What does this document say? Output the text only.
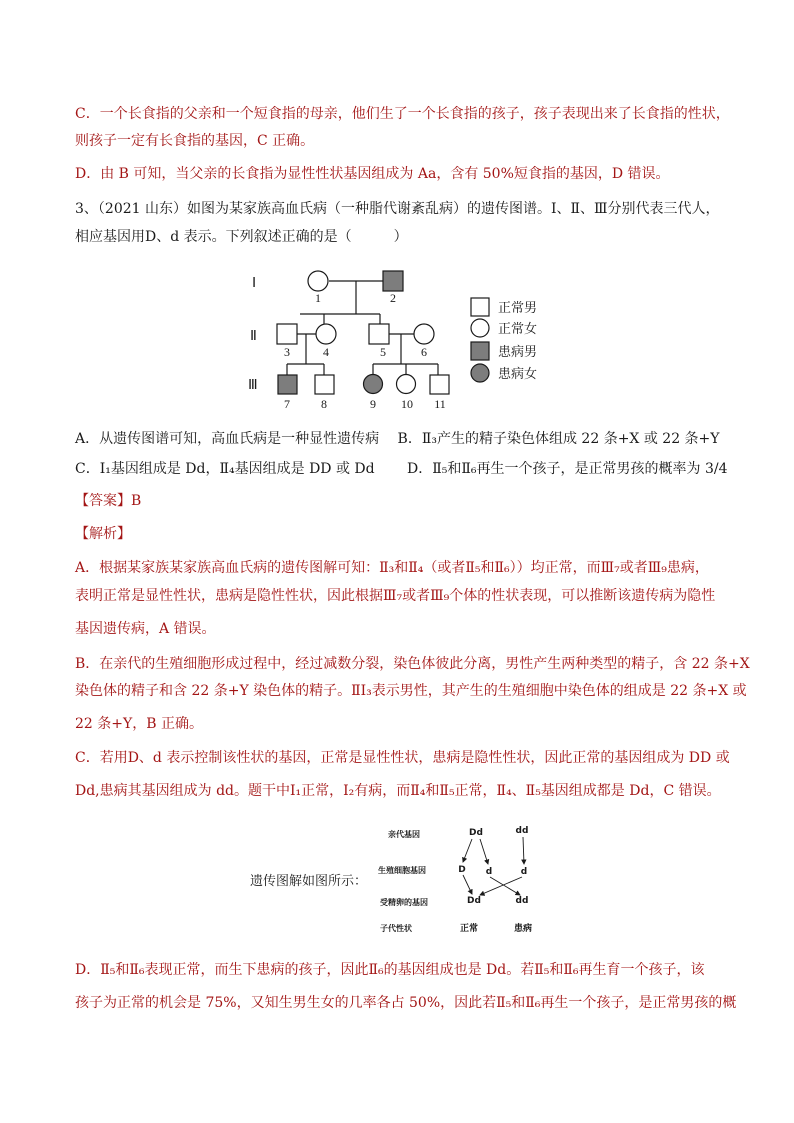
C．一个长食指的父亲和一个短食指的母亲，他们生了一个长食指的孩子，孩子表现出来了长食指的性状，
则孩子一定有长食指的基因，C 正确。
D．由 B 可知，当父亲的长食指为显性性状基因组成为 Aa，含有 50%短食指的基因，D 错误。
3、（2021 山东）如图为某家族高血氏病（一种脂代谢紊乱病）的遗传图谱。Ⅰ、Ⅱ、Ⅲ分别代表三代人，
相应基因用D、d 表示。下列叙述正确的是（　　　）
A．从遗传图谱可知，高血氏病是一种显性遗传病　 B．Ⅱ₃产生的精子染色体组成 22 条+X 或 22 条+Y
C．Ⅰ₁基因组成是 Dd，Ⅱ₄基因组成是 DD 或 Dd　　 D．Ⅱ₅和Ⅱ₆再生一个孩子，是正常男孩的概率为 3/4
【答案】B
【解析】
A．根据某家族某家族高血氏病的遗传图解可知：Ⅱ₃和Ⅱ₄（或者Ⅱ₅和Ⅱ₆））均正常，而Ⅲ₇或者Ⅲ₉患病，
表明正常是显性性状，患病是隐性性状，因此根据Ⅲ₇或者Ⅲ₉个体的性状表现，可以推断该遗传病为隐性
基因遗传病，A 错误。
B．在亲代的生殖细胞形成过程中，经过减数分裂，染色体彼此分离，男性产生两种类型的精子，含 22 条+X
染色体的精子和含 22 条+Y 染色体的精子。ⅡⅠ₃表示男性，其产生的生殖细胞中染色体的组成是 22 条+X 或
22 条+Y，B 正确。
C．若用D、d 表示控制该性状的基因，正常是显性性状，患病是隐性性状，因此正常的基因组成为 DD 或
Dd,患病其基因组成为 dd。题干中Ⅰ₁正常，Ⅰ₂有病，而Ⅱ₄和Ⅱ₅正常，Ⅱ₄、Ⅱ₅基因组成都是 Dd，C 错误。
D．Ⅱ₅和Ⅱ₆表现正常，而生下患病的孩子，因此Ⅱ₆的基因组成也是 Dd。若Ⅱ₅和Ⅱ₆再生育一个孩子，该
孩子为正常的机会是 75%，又知生男生女的几率各占 50%，因此若Ⅱ₅和Ⅱ₆再生一个孩子，是正常男孩的概
Ⅰ
Ⅱ
Ⅲ
1	2
3	4	5	6
7	8	9 10 11
正常男
正常女
患病男
患病女
遗传图解如图所示：
亲代基因
生殖细胞基因
受精卵的基因
子代性状
Dd	dd
D d	d
Dd	dd
正常	患病
